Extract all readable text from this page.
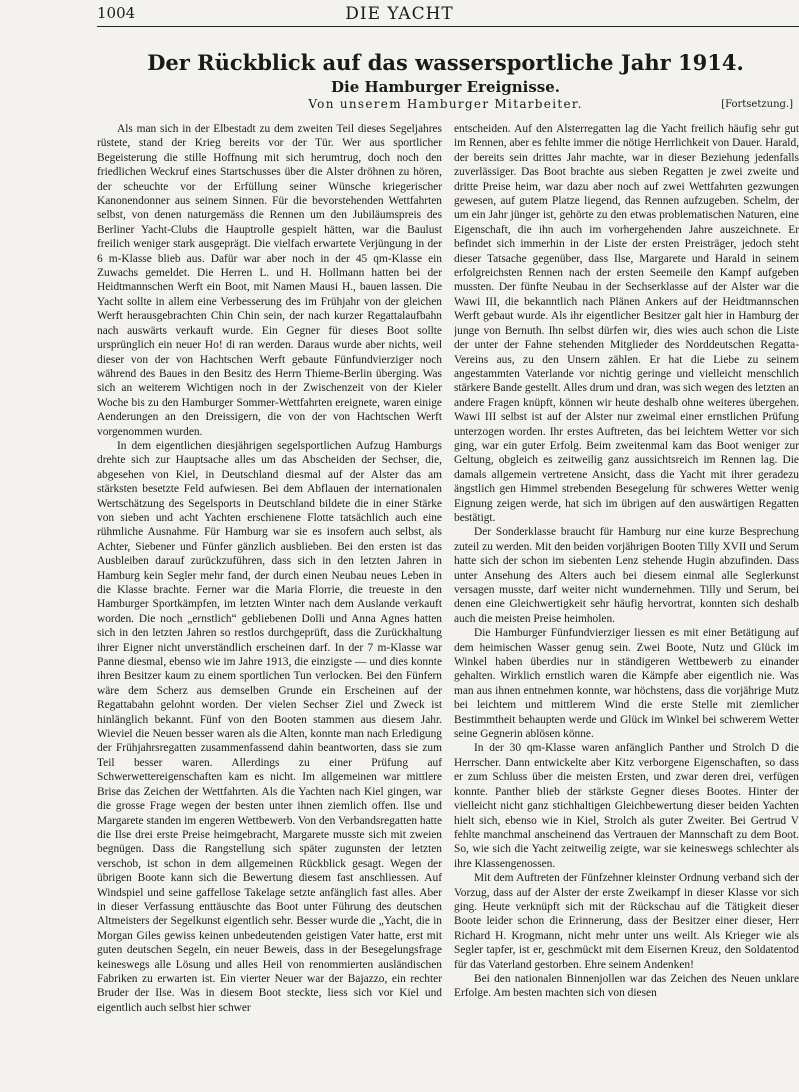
1004	DIE YACHT
Der Rückblick auf das wassersportliche Jahr 1914.
Die Hamburger Ereignisse.
Von unserem Hamburger Mitarbeiter.	[Fortsetzung.]

Als man sich in der Elbestadt zu dem zweiten Teil dieses Segeljahres rüstete, stand der Krieg bereits vor der Tür. Wer aus sportlicher Begeisterung die stille Hoffnung mit sich herumtrug, doch noch den friedlichen Weckruf eines Startschusses über die Alster dröhnen zu hören, der scheuchte vor der Erfüllung seiner Wünsche kriegerischer Kanonendonner aus seinem Sinnen. Für die bevorstehenden Wettfahrten selbst, von denen naturgemäss die Rennen um den Jubiläumspreis des Berliner Yacht-Clubs die Hauptrolle gespielt hätten, war die Baulust freilich weniger stark ausgeprägt. Die vielfach erwartete Verjüngung in der 6 m-Klasse blieb aus. Dafür war aber noch in der 45 qm-Klasse ein Zuwachs gemeldet. Die Herren L. und H. Hollmann hatten bei der Heidtmannschen Werft ein Boot, mit Namen Mausi H., bauen lassen. Die Yacht sollte in allem eine Verbesserung des im Frühjahr von der gleichen Werft herausgebrachten Chin Chin sein, der nach kurzer Regattalaufbahn nach auswärts verkauft wurde. Ein Gegner für dieses Boot sollte ursprünglich ein neuer Ho! di ran werden. Daraus wurde aber nichts, weil dieser von der von Hachtschen Werft gebaute Fünfundvierziger noch während des Baues in den Besitz des Herrn Thieme-Berlin überging. Was sich an weiterem Wichtigen noch in der Zwischenzeit von der Kieler Woche bis zu den Hamburger Sommer-Wettfahrten ereignete, waren einige Aenderungen an den Dreissigern, die von der von Hachtschen Werft vorgenommen wurden.

In dem eigentlichen diesjährigen segelsportlichen Aufzug Hamburgs drehte sich zur Hauptsache alles um das Abscheiden der Sechser, die, abgesehen von Kiel, in Deutschland diesmal auf der Alster das am stärksten besetzte Feld aufwiesen. Bei dem Abflauen der internationalen Wertschätzung des Segelsports in Deutschland bildete die in einer Stärke von sieben und acht Yachten erschienene Flotte tatsächlich auch eine rühmliche Ausnahme. Für Hamburg war sie es insofern auch selbst, als Achter, Siebener und Fünfer gänzlich ausblieben. Bei den ersten ist das Ausbleiben darauf zurückzuführen, dass sich in den letzten Jahren in Hamburg kein Segler mehr fand, der durch einen Neubau neues Leben in die Klasse brachte. Ferner war die Maria Florrie, die treueste in den Hamburger Sportkämpfen, im letzten Winter nach dem Auslande verkauft worden. Die noch „ernstlich“ gebliebenen Dolli und Anna Agnes hatten sich in den letzten Jahren so restlos durchgeprüft, dass die Zurückhaltung ihrer Eigner nicht unverständlich erscheinen darf. In der 7 m-Klasse war Panne diesmal, ebenso wie im Jahre 1913, die einzigste — und dies konnte ihren Besitzer kaum zu einem sportlichen Tun verlocken. Bei den Fünfern wäre dem Scherz aus demselben Grunde ein Erscheinen auf der Regattabahn gelohnt worden. Der vielen Sechser Ziel und Zweck ist hinlänglich bekannt. Fünf von den Booten stammen aus diesem Jahr. Wieviel die Neuen besser waren als die Alten, konnte man nach Erledigung der Frühjahrsregatten zusammenfassend dahin beantworten, dass sie zum Teil besser waren. Allerdings zu einer Prüfung auf Schwerwettereigenschaften kam es nicht. Im allgemeinen war mittlere Brise das Zeichen der Wettfahrten. Als die Yachten nach Kiel gingen, war die grosse Frage wegen der besten unter ihnen ziemlich offen. Ilse und Margarete standen im engeren Wettbewerb. Von den Verbandsregatten hatte die Ilse drei erste Preise heimgebracht, Margarete musste sich mit zweien begnügen. Dass die Rangstellung sich später zugunsten der letzten verschob, ist schon in dem allgemeinen Rückblick gesagt. Wegen der übrigen Boote kann sich die Bewertung diesem fast anschliessen. Auf Windspiel und seine gaffellose Takelage setzte anfänglich fast alles. Aber in dieser Verfassung enttäuschte das Boot unter Führung des deutschen Altmeisters der Segelkunst eigentlich sehr. Besser wurde die „Yacht, die in Morgan Giles gewiss keinen unbedeutenden geistigen Vater hatte, erst mit guten deutschen Segeln, ein neuer Beweis, dass in der Besegelungsfrage keineswegs alle Lösung und alles Heil von renommierten ausländischen Fabriken zu erwarten ist. Ein vierter Neuer war der Bajazzo, ein rechter Bruder der Ilse. Was in diesem Boot steckte, liess sich vor Kiel und eigentlich auch selbst hier schwer

entscheiden. Auf den Alsterregatten lag die Yacht freilich häufig sehr gut im Rennen, aber es fehlte immer die nötige Herrlichkeit von Dauer. Harald, der bereits sein drittes Jahr machte, war in dieser Beziehung jedenfalls zuverlässiger. Das Boot brachte aus sieben Regatten je zwei zweite und dritte Preise heim, war dazu aber noch auf zwei Wettfahrten gezwungen gewesen, auf gutem Platze liegend, das Rennen aufzugeben. Schelm, der um ein Jahr jünger ist, gehörte zu den etwas problematischen Naturen, eine Eigenschaft, die ihn auch im vorhergehenden Jahre auszeichnete. Er befindet sich immerhin in der Liste der ersten Preisträger, jedoch steht dieser Tatsache gegenüber, dass Ilse, Margarete und Harald in seinem erfolgreichsten Rennen nach der ersten Seemeile den Kampf aufgeben mussten. Der fünfte Neubau in der Sechserklasse auf der Alster war die Wawi III, die bekanntlich nach Plänen Ankers auf der Heidtmannschen Werft gebaut wurde. Als ihr eigentlicher Besitzer galt hier in Hamburg der junge von Bernuth. Ihn selbst dürfen wir, dies wies auch schon die Liste der unter der Fahne stehenden Mitglieder des Norddeutschen Regatta-Vereins aus, zu den Unsern zählen. Er hat die Liebe zu seinem angestammten Vaterlande vor nichtig geringe und vielleicht menschlich stärkere Bande gestellt. Alles drum und dran, was sich wegen des letzten an andere Fragen knüpft, können wir heute deshalb ohne weiteres übergehen. Wawi III selbst ist auf der Alster nur zweimal einer ernstlichen Prüfung unterzogen worden. Ihr erstes Auftreten, das bei leichtem Wetter vor sich ging, war ein guter Erfolg. Beim zweitenmal kam das Boot weniger zur Geltung, obgleich es zeitweilig ganz aussichtsreich im Rennen lag. Die damals allgemein vertretene Ansicht, dass die Yacht mit ihrer geradezu ängstlich gen Himmel strebenden Besegelung für schweres Wetter wenig Eignung zeigen werde, hat sich im übrigen auf den auswärtigen Regatten bestätigt.

Der Sonderklasse braucht für Hamburg nur eine kurze Besprechung zuteil zu werden. Mit den beiden vorjährigen Booten Tilly XVII und Serum hatte sich der schon im siebenten Lenz stehende Hugin abzufinden. Dass unter Ansehung des Alters auch bei diesem einmal alle Seglerkunst versagen musste, darf weiter nicht wundernehmen. Tilly und Serum, bei denen eine Gleichwertigkeit sehr häufig hervortrat, konnten sich deshalb auch die meisten Preise heimholen.

Die Hamburger Fünfundvierziger liessen es mit einer Betätigung auf dem heimischen Wasser genug sein. Zwei Boote, Nutz und Glück im Winkel haben überdies nur in ständigeren Wettbewerb zu einander gehalten. Wirklich ernstlich waren die Kämpfe aber eigentlich nie. Was man aus ihnen entnehmen konnte, war höchstens, dass die vorjährige Mutz bei leichtem und mittlerem Wind die erste Stelle mit ziemlicher Bestimmtheit behaupten werde und Glück im Winkel bei schwerem Wetter seine Gegnerin ablösen könne.

In der 30 qm-Klasse waren anfänglich Panther und Strolch D die Herrscher. Dann entwickelte aber Kitz verborgene Eigenschaften, so dass er zum Schluss über die meisten Ersten, und zwar deren drei, verfügen konnte. Panther blieb der stärkste Gegner dieses Bootes. Hinter der vielleicht nicht ganz stichhaltigen Gleichbewertung dieser beiden Yachten hielt sich, ebenso wie in Kiel, Strolch als guter Zweiter. Bei Gertrud V fehlte manchmal anscheinend das Vertrauen der Mannschaft zu dem Boot. So, wie sich die Yacht zeitweilig zeigte, war sie keineswegs schlechter als ihre Klassengenossen.

Mit dem Auftreten der Fünfzehner kleinster Ordnung verband sich der Vorzug, dass auf der Alster der erste Zweikampf in dieser Klasse vor sich ging. Heute verknüpft sich mit der Rückschau auf die Tätigkeit dieser Boote leider schon die Erinnerung, dass der Besitzer einer dieser, Herr Richard H. Krogmann, nicht mehr unter uns weilt. Als Krieger wie als Segler tapfer, ist er, geschmückt mit dem Eisernen Kreuz, den Soldatentod für das Vaterland gestorben. Ehre seinem Andenken!

Bei den nationalen Binnenjollen war das Zeichen des Neuen unklare Erfolge. Am besten machten sich von diesen
